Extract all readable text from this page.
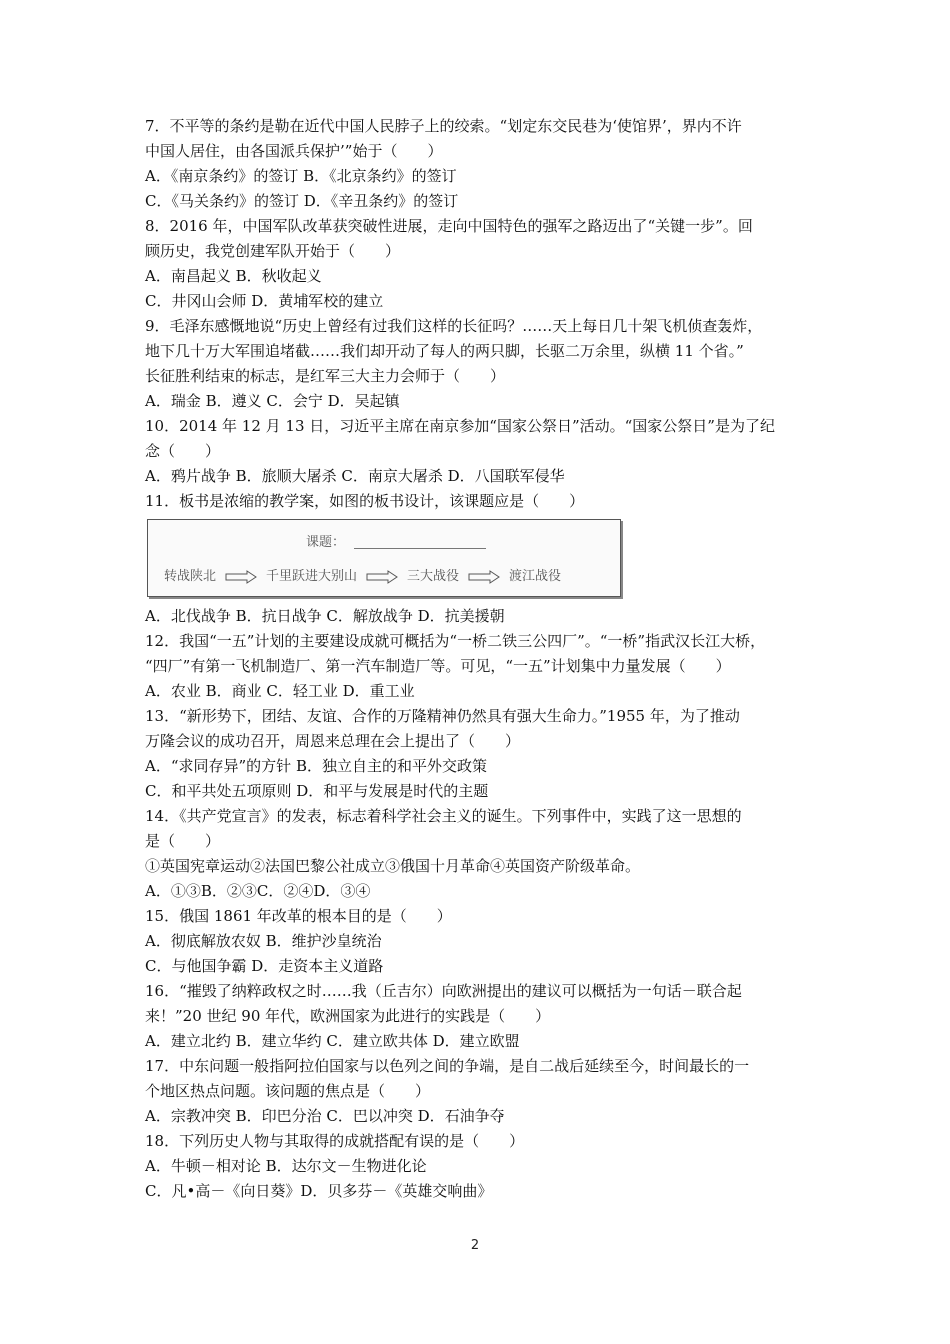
7．不平等的条约是勒在近代中国人民脖子上的绞索。“划定东交民巷为‘使馆界’，界内不许
中国人居住，由各国派兵保护’”始于（　　）
A．《南京条约》的签订 B．《北京条约》的签订
C．《马关条约》的签订 D．《辛丑条约》的签订
8．2016 年，中国军队改革获突破性进展，走向中国特色的强军之路迈出了“关键一步”。回
顾历史，我党创建军队开始于（　　）
A．南昌起义 B．秋收起义
C．井冈山会师 D．黄埔军校的建立
9．毛泽东感慨地说“历史上曾经有过我们这样的长征吗？……天上每日几十架飞机侦查轰炸，
地下几十万大军围追堵截……我们却开动了每人的两只脚，长驱二万余里，纵横 11 个省。”
长征胜利结束的标志，是红军三大主力会师于（　　）
A．瑞金 B．遵义 C．会宁 D．吴起镇
10．2014 年 12 月 13 日，习近平主席在南京参加“国家公祭日”活动。“国家公祭日”是为了纪
念（　　）
A．鸦片战争 B．旅顺大屠杀 C．南京大屠杀 D．八国联军侵华
11．板书是浓缩的教学案，如图的板书设计，该课题应是（　　）
课题：
转战陕北	千里跃进大别山	三大战役	渡江战役
A．北伐战争 B．抗日战争 C．解放战争 D．抗美援朝
12．我国“一五”计划的主要建设成就可概括为“一桥二铁三公四厂”。“一桥”指武汉长江大桥，
“四厂”有第一飞机制造厂、第一汽车制造厂等。可见，“一五”计划集中力量发展（　　）
A．农业 B．商业 C．轻工业 D．重工业
13．“新形势下，团结、友谊、合作的万隆精神仍然具有强大生命力。”1955 年，为了推动
万隆会议的成功召开，周恩来总理在会上提出了（　　）
A．“求同存异”的方针 B．独立自主的和平外交政策
C．和平共处五项原则 D．和平与发展是时代的主题
14．《共产党宣言》的发表，标志着科学社会主义的诞生。下列事件中，实践了这一思想的
是（　　）
①英国宪章运动②法国巴黎公社成立③俄国十月革命④英国资产阶级革命。
A．①③B．②③C．②④D．③④
15．俄国 1861 年改革的根本目的是（　　）
A．彻底解放农奴 B．维护沙皇统治
C．与他国争霸 D．走资本主义道路
16．“摧毁了纳粹政权之时……我（丘吉尔）向欧洲提出的建议可以概括为一句话－联合起
来！”20 世纪 90 年代，欧洲国家为此进行的实践是（　　）
A．建立北约 B．建立华约 C．建立欧共体 D．建立欧盟
17．中东问题一般指阿拉伯国家与以色列之间的争端，是自二战后延续至今，时间最长的一
个地区热点问题。该问题的焦点是（　　）
A．宗教冲突 B．印巴分治 C．巴以冲突 D．石油争夺
18．下列历史人物与其取得的成就搭配有误的是（　　）
A．牛顿－相对论 B．达尔文－生物进化论
C．凡•高－《向日葵》D．贝多芬－《英雄交响曲》
2
